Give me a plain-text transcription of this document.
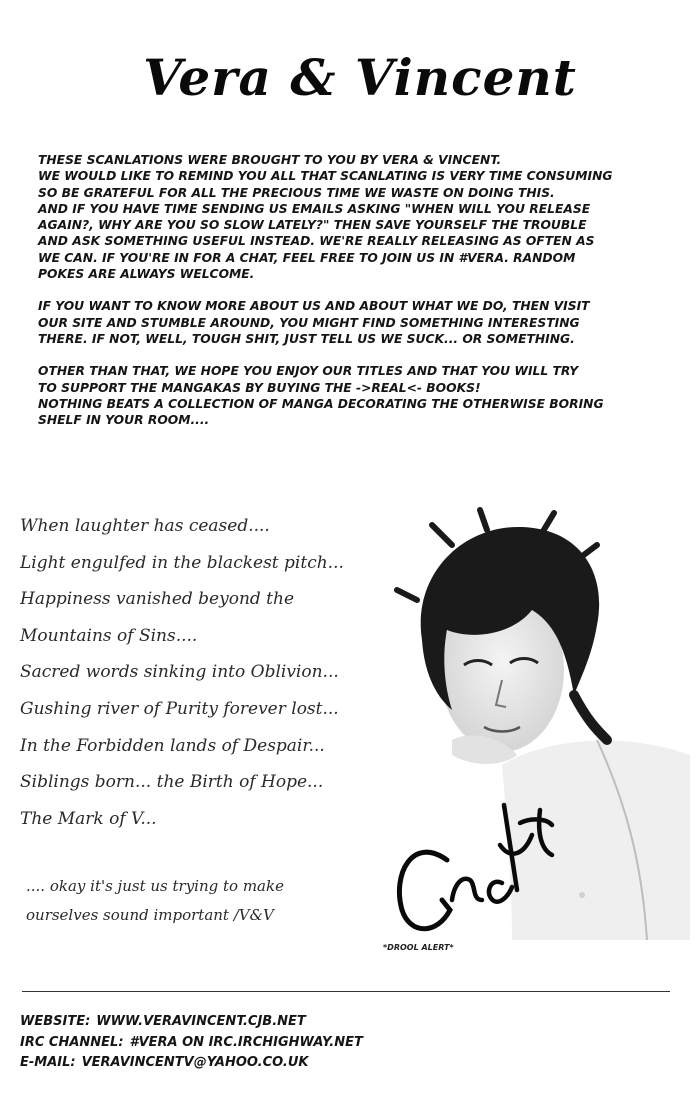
Vera & Vincent

THESE SCANLATIONS WERE BROUGHT TO YOU BY VERA & VINCENT.
WE WOULD LIKE TO REMIND YOU ALL THAT SCANLATING IS VERY TIME CONSUMING
SO BE GRATEFUL FOR ALL THE PRECIOUS TIME WE WASTE ON DOING THIS.
AND IF YOU HAVE TIME SENDING US EMAILS ASKING "WHEN WILL YOU RELEASE
AGAIN?, WHY ARE YOU SO SLOW LATELY?" THEN SAVE YOURSELF THE TROUBLE
AND ASK SOMETHING USEFUL INSTEAD. WE'RE REALLY RELEASING AS OFTEN AS
WE CAN. IF YOU'RE IN FOR A CHAT, FEEL FREE TO JOIN US IN #VERA. RANDOM
POKES ARE ALWAYS WELCOME.

IF YOU WANT TO KNOW MORE ABOUT US AND ABOUT WHAT WE DO, THEN VISIT
OUR SITE AND STUMBLE AROUND, YOU MIGHT FIND SOMETHING INTERESTING
THERE. IF NOT, WELL, TOUGH SHIT, JUST TELL US WE SUCK... OR SOMETHING.

OTHER THAN THAT, WE HOPE YOU ENJOY OUR TITLES AND THAT YOU WILL TRY
TO SUPPORT THE MANGAKAS BY BUYING THE ->REAL<- BOOKS!
NOTHING BEATS A COLLECTION OF MANGA DECORATING THE OTHERWISE BORING
SHELF IN YOUR ROOM....

When laughter has ceased....
Light engulfed in the blackest pitch...
Happiness vanished beyond the
Mountains of Sins....
Sacred words sinking into Oblivion...
Gushing river of Purity forever lost...
In the Forbidden lands of Despair...
Siblings born... the Birth of Hope...
The Mark of V...
.... okay it's just us trying to make
ourselves sound important /V&V
*DROOL ALERT*
WEBSITE: WWW.VERAVINCENT.CJB.NET
IRC CHANNEL: #VERA ON IRC.IRCHIGHWAY.NET
E-MAIL: VERAVINCENTV@YAHOO.CO.UK
